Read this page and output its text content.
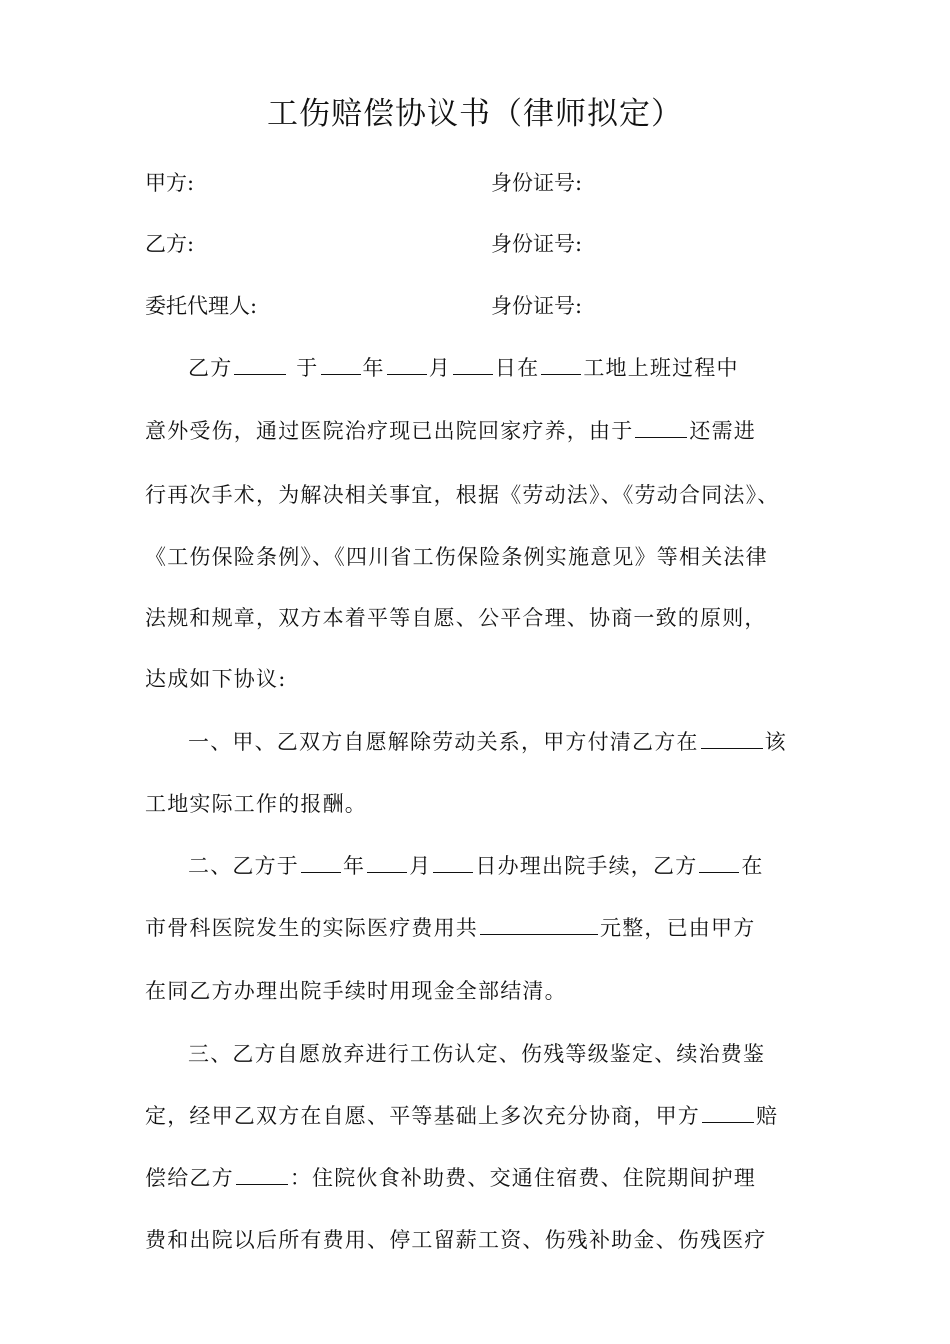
工伤赔偿协议书（律师拟定）
甲方:	身份证号:
乙方:	身份证号:
委托代理人:	身份证号:
乙方	于 年 月 日在 工地上班过程中
意外受伤，通过医院治疗现已出院回家疗养，由于	还需进
行再次手术，为解决相关事宜，根据《劳动法》、《劳动合同法》、
《工伤保险条例》、《四川省工伤保险条例实施意见》等相关法律
法规和规章，双方本着平等自愿、公平合理、协商一致的原则，
达成如下协议:
一、甲、乙双方自愿解除劳动关系，甲方付清乙方在	该
工地实际工作的报酬。
二、乙方于 年 月 日办理出院手续，乙方 在
市骨科医院发生的实际医疗费用共	元整，已由甲方
在同乙方办理出院手续时用现金全部结清。
三、乙方自愿放弃进行工伤认定、伤残等级鉴定、续治费鉴
定，经甲乙双方在自愿、平等基础上多次充分协商，甲方	赔
偿给乙方	：住院伙食补助费、交通住宿费、住院期间护理
费和出院以后所有费用、停工留薪工资、伤残补助金、伤残医疗
